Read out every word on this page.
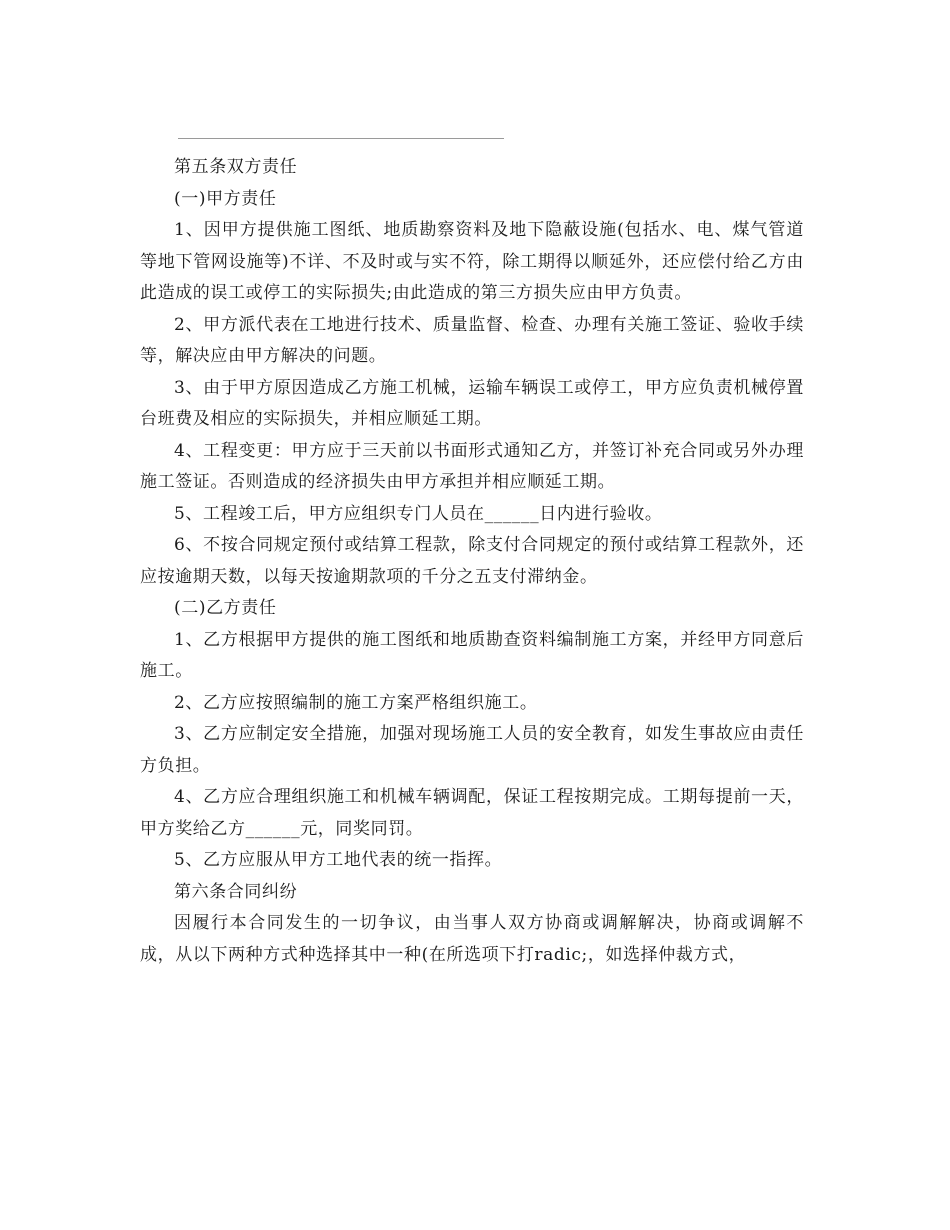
第五条双方责任

(一)甲方责任

1、因甲方提供施工图纸、地质勘察资料及地下隐蔽设施(包括水、电、煤气管道等地下管网设施等)不详、不及时或与实不符，除工期得以顺延外，还应偿付给乙方由此造成的误工或停工的实际损失;由此造成的第三方损失应由甲方负责。

2、甲方派代表在工地进行技术、质量监督、检查、办理有关施工签证、验收手续等，解决应由甲方解决的问题。

3、由于甲方原因造成乙方施工机械，运输车辆误工或停工，甲方应负责机械停置台班费及相应的实际损失，并相应顺延工期。

4、工程变更：甲方应于三天前以书面形式通知乙方，并签订补充合同或另外办理施工签证。否则造成的经济损失由甲方承担并相应顺延工期。

5、工程竣工后，甲方应组织专门人员在______日内进行验收。

6、不按合同规定预付或结算工程款，除支付合同规定的预付或结算工程款外，还应按逾期天数，以每天按逾期款项的千分之五支付滞纳金。

(二)乙方责任

1、乙方根据甲方提供的施工图纸和地质勘查资料编制施工方案，并经甲方同意后施工。

2、乙方应按照编制的施工方案严格组织施工。

3、乙方应制定安全措施，加强对现场施工人员的安全教育，如发生事故应由责任方负担。

4、乙方应合理组织施工和机械车辆调配，保证工程按期完成。工期每提前一天，甲方奖给乙方______元，同奖同罚。

5、乙方应服从甲方工地代表的统一指挥。

第六条合同纠纷

因履行本合同发生的一切争议，由当事人双方协商或调解解决，协商或调解不成，从以下两种方式种选择其中一种(在所选项下打radic;，如选择仲裁方式，
